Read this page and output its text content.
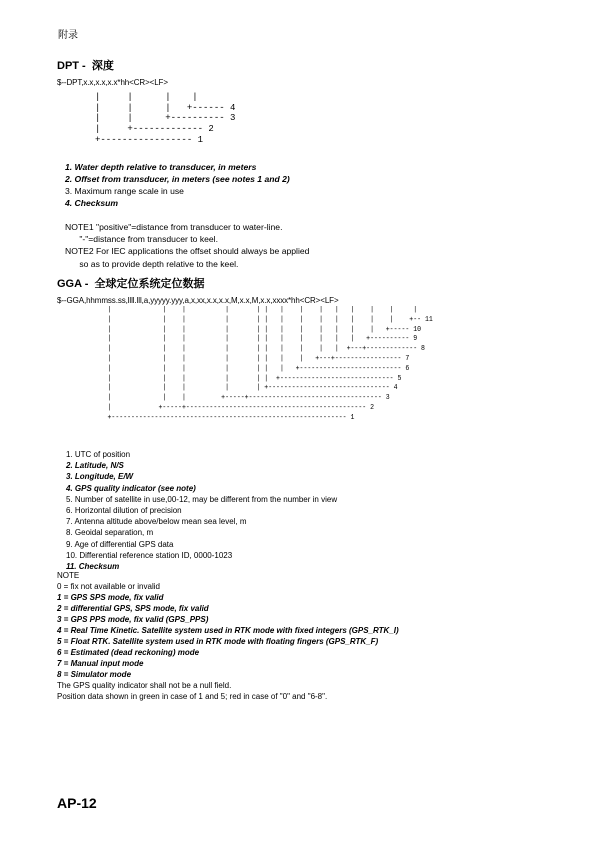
附录
DPT -  深度
$--DPT,x.x,x.x,x.x*hh<CR><LF>
|     |      |    |
|     |      |   +------ 4
|     |      +---------- 3
|     +------------- 2
+----------------- 1
1. Water depth relative to transducer, in meters
2. Offset from transducer, in meters (see notes 1 and 2)
3. Maximum range scale in use
4. Checksum
NOTE1 "positive"=distance from transducer to water-line.
"-"=distance from transducer to keel.
NOTE2 For IEC applications the offset should always be applied
so as to provide depth relative to the keel.
GGA -  全球定位系统定位数据
$--GGA,hhmmss.ss,llll.lll,a,yyyyy.yyy,a,x,xx,x.x,x.x,M,x.x,M,x.x,xxxx*hh<CR><LF>
|             |    |          |       | |   |    |    |   |   |    |    |     |
|             |    |          |       | |   |    |    |   |   |    |    |    +-- 11
|             |    |          |       | |   |    |    |   |   |    |   +----- 10
|             |    |          |       | |   |    |    |   |   |   +---------- 9
|             |    |          |       | |   |    |    |   |  +---+------------- 8
|             |    |          |       | |   |    |   +---+----------------- 7
|             |    |          |       | |   |   +-------------------------- 6
|             |    |          |       | |  +----------------------------- 5
|             |    |          |       | +------------------------------- 4
|             |    |         +-----+---------------------------------- 3
|            +-----+---------------------------------------------- 2
+------------------------------------------------------------ 1
1. UTC of position
2. Latitude, N/S
3. Longitude, E/W
4. GPS quality indicator (see note)
5. Number of satellite in use,00-12, may be different from the number in view
6. Horizontal dilution of precision
7. Antenna altitude above/below mean sea level, m
8. Geoidal separation, m
9. Age of differential GPS data
10. Differential reference station ID, 0000-1023
11. Checksum
NOTE
0 = fix not available or invalid
1 = GPS SPS mode, fix valid
2 = differential GPS, SPS mode, fix valid
3 = GPS PPS mode, fix valid (GPS_PPS)
4 = Real Time Kinetic. Satellite system used in RTK mode with fixed integers (GPS_RTK_I)
5 = Float RTK. Satellite system used in RTK mode with floating fingers (GPS_RTK_F)
6 = Estimated (dead reckoning) mode
7 = Manual input mode
8 = Simulator mode
The GPS quality indicator shall not be a null field.
Position data shown in green in case of 1 and 5; red in case of "0" and "6-8".
AP-12
